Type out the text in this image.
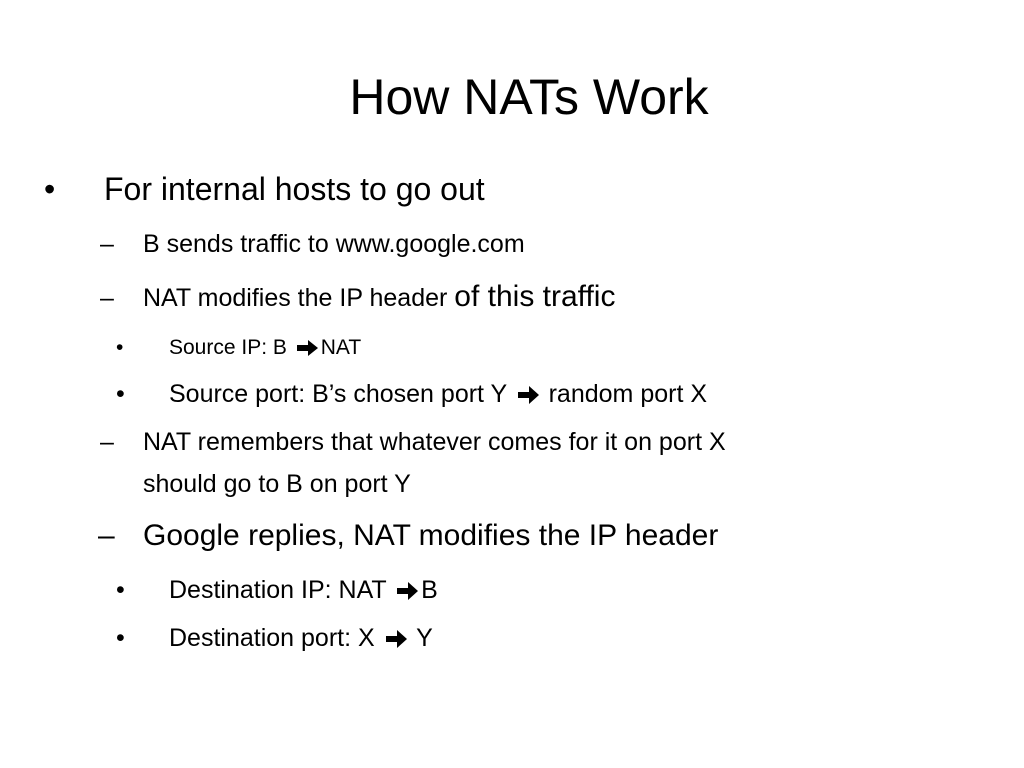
How NATs Work
• For internal hosts to go out
– B sends traffic to www.google.com
– NAT modifies the IP header of this traffic
• Source IP: B
NAT
• Source port: B’s chosen port Y
random port X
– NAT remembers that whatever comes for it on port X
should go to B on port Y
– Google replies, NAT modifies the IP header
• Destination IP: NAT
B
• Destination port: X
Y
